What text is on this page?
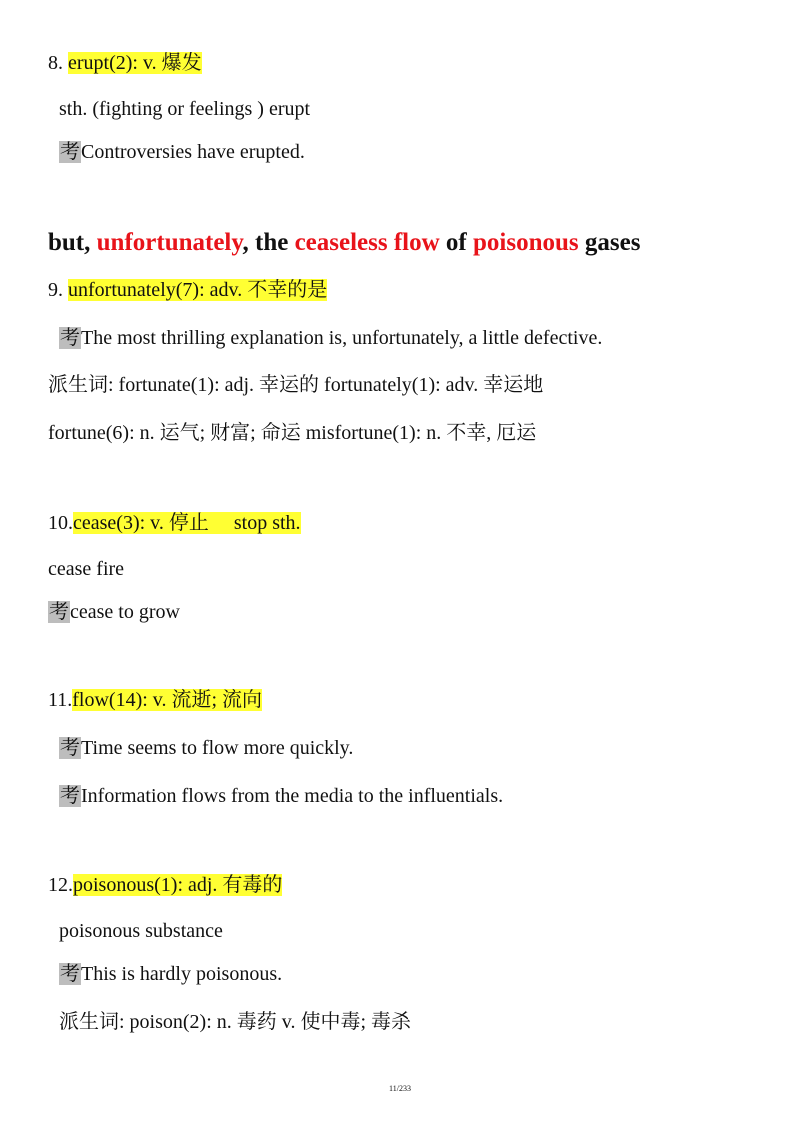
8. erupt(2): v. 爆发
sth. (fighting or feelings ) erupt
考Controversies have erupted.
but, unfortunately, the ceaseless flow of poisonous gases
9. unfortunately(7): adv. 不幸的是
考The most thrilling explanation is, unfortunately, a little defective.
派生词: fortunate(1): adj. 幸运的 fortunately(1): adv. 幸运地
fortune(6): n. 运气; 财富; 命运 misfortune(1): n. 不幸, 厄运
10.cease(3): v. 停止     stop sth.
cease fire
考cease to grow
11.flow(14): v. 流逝; 流向
考Time seems to flow more quickly.
考Information flows from the media to the influentials.
12.poisonous(1): adj. 有毒的
poisonous substance
考This is hardly poisonous.
派生词: poison(2): n. 毒药 v. 使中毒; 毒杀
11/233
